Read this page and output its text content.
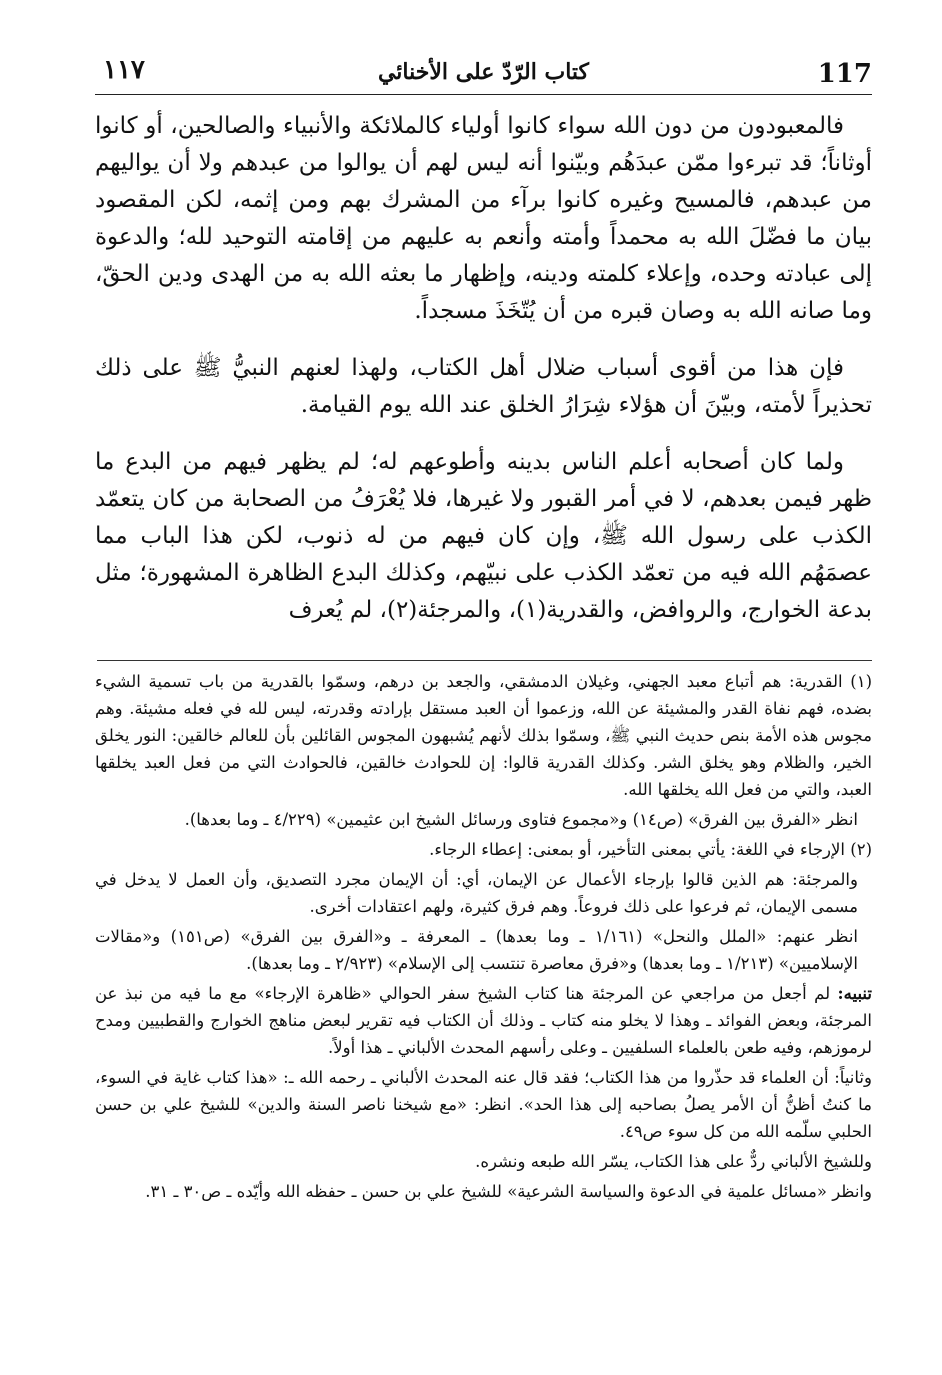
117
كتاب الرّدّ على الأخنائي
١١٧

فالمعبودون من دون الله سواء كانوا أولياء كالملائكة والأنبياء والصالحين، أو كانوا أوثاناً؛ قد تبرءوا ممّن عبدَهُم وبيّنوا أنه ليس لهم أن يوالوا من عبدهم ولا أن يواليهم من عبدهم، فالمسيح وغيره كانوا برآء من المشرك بهم ومن إثمه، لكن المقصود بيان ما فضّلَ الله به محمداً وأمته وأنعم به عليهم من إقامته التوحيد لله؛ والدعوة إلى عبادته وحده، وإعلاء كلمته ودينه، وإظهار ما بعثه الله به من الهدى ودين الحقّ، وما صانه الله به وصان قبره من أن يُتّخَذَ مسجداً.

فإن هذا من أقوى أسباب ضلال أهل الكتاب، ولهذا لعنهم النبيُّ ﷺ على ذلك تحذيراً لأمته، وبيّنَ أن هؤلاء شِرَارُ الخلق عند الله يوم القيامة.

ولما كان أصحابه أعلم الناس بدينه وأطوعهم له؛ لم يظهر فيهم من البدع ما ظهر فيمن بعدهم، لا في أمر القبور ولا غيرها، فلا يُعْرَفُ من الصحابة من كان يتعمّد الكذب على رسول الله ﷺ، وإن كان فيهم من له ذنوب، لكن هذا الباب مما عصمَهُم الله فيه من تعمّد الكذب على نبيّهم، وكذلك البدع الظاهرة المشهورة؛ مثل بدعة الخوارج، والروافض، والقدرية(١)، والمرجئة(٢)، لم يُعرف

(١) القدرية: هم أتباع معبد الجهني، وغيلان الدمشقي، والجعد بن درهم، وسمّوا بالقدرية من باب تسمية الشيء بضده، فهم نفاة القدر والمشيئة عن الله، وزعموا أن العبد مستقل بإرادته وقدرته، ليس لله في فعله مشيئة. وهم مجوس هذه الأمة بنص حديث النبي ﷺ، وسمّوا بذلك لأنهم يُشبهون المجوس القائلين بأن للعالم خالقين: النور يخلق الخير، والظلام وهو يخلق الشر. وكذلك القدرية قالوا: إن للحوادث خالقين، فالحوادث التي من فعل العبد يخلقها العبد، والتي من فعل الله يخلقها الله.
انظر «الفرق بين الفرق» (ص١٤) و«مجموع فتاوى ورسائل الشيخ ابن عثيمين» (٤/٢٢٩ ـ وما بعدها).
(٢) الإرجاء في اللغة: يأتي بمعنى التأخير، أو بمعنى: إعطاء الرجاء.
والمرجئة: هم الذين قالوا بإرجاء الأعمال عن الإيمان، أي: أن الإيمان مجرد التصديق، وأن العمل لا يدخل في مسمى الإيمان، ثم فرعوا على ذلك فروعاً. وهم فرق كثيرة، ولهم اعتقادات أخرى.
انظر عنهم: «الملل والنحل» (١/١٦١ ـ وما بعدها) ـ المعرفة ـ و«الفرق بين الفرق» (ص١٥١) و«مقالات الإسلاميين» (١/٢١٣ ـ وما بعدها) و«فرق معاصرة تنتسب إلى الإسلام» (٢/٩٢٣ ـ وما بعدها).
تنبيه: لم أجعل من مراجعي عن المرجئة هنا كتاب الشيخ سفر الحوالي «ظاهرة الإرجاء» مع ما فيه من نبذ عن المرجئة، وبعض الفوائد ـ وهذا لا يخلو منه كتاب ـ وذلك أن الكتاب فيه تقرير لبعض مناهج الخوارج والقطبيين ومدح لرموزهم، وفيه طعن بالعلماء السلفيين ـ وعلى رأسهم المحدث الألباني ـ هذا أولاً.
وثانياً: أن العلماء قد حذّروا من هذا الكتاب؛ فقد قال عنه المحدث الألباني ـ رحمه الله ـ: «هذا كتاب غاية في السوء، ما كنتُ أظنُّ أن الأمر يصلُ بصاحبه إلى هذا الحد». انظر: «مع شيخنا ناصر السنة والدين» للشيخ علي بن حسن الحلبي سلّمه الله من كل سوء ص٤٩.
وللشيخ الألباني ردٌّ على هذا الكتاب، يسّر الله طبعه ونشره.
وانظر «مسائل علمية في الدعوة والسياسة الشرعية» للشيخ علي بن حسن ـ حفظه الله وأيّده ـ ص٣٠ ـ ٣١.
